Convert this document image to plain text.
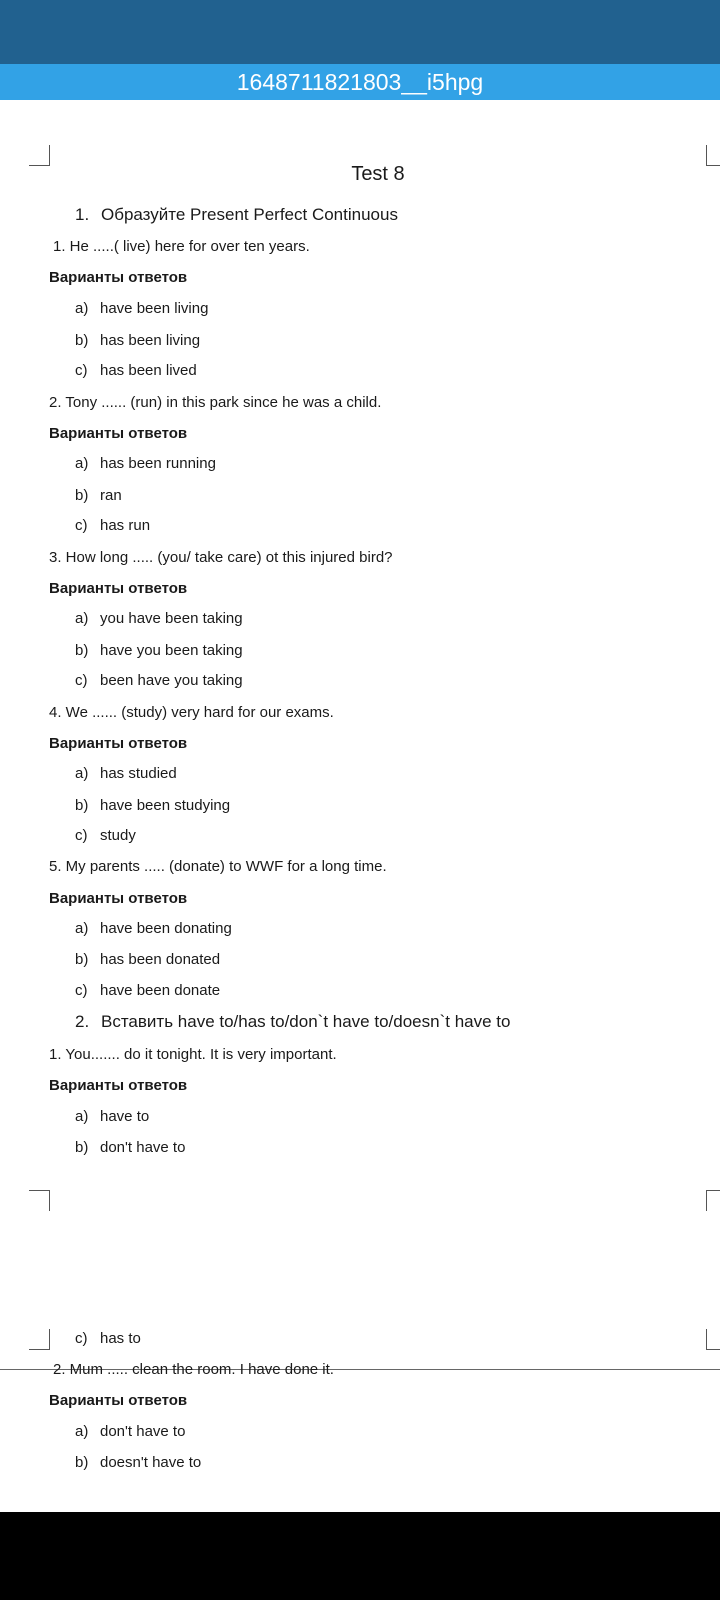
1648711821803__i5hpg
Test 8
1. Образуйте Present Perfect Continuous
1. He .....( live) here for over ten years.
Варианты ответов
a) have been living
b) has been living
c) has been lived
2. Tony ...... (run) in this park since he was a child.
Варианты ответов
a) has been running
b) ran
c) has run
3. How long ..... (you/ take care) ot this injured bird?
Варианты ответов
a) you have been taking
b) have you been taking
c) been have you taking
4. We ...... (study) very hard for our exams.
Варианты ответов
a) has studied
b) have been studying
c) study
5. My parents ..... (donate) to WWF for a long time.
Варианты ответов
a) have been donating
b) has been donated
c) have been donate
2. Вставить have to/has to/don`t have to/doesn`t have to
1. You....... do it tonight. It is very important.
Варианты ответов
a) have to
b) don't have to
c) has to
2. Mum ..... clean the room. I have done it.
Варианты ответов
a) don't have to
b) doesn't have to
